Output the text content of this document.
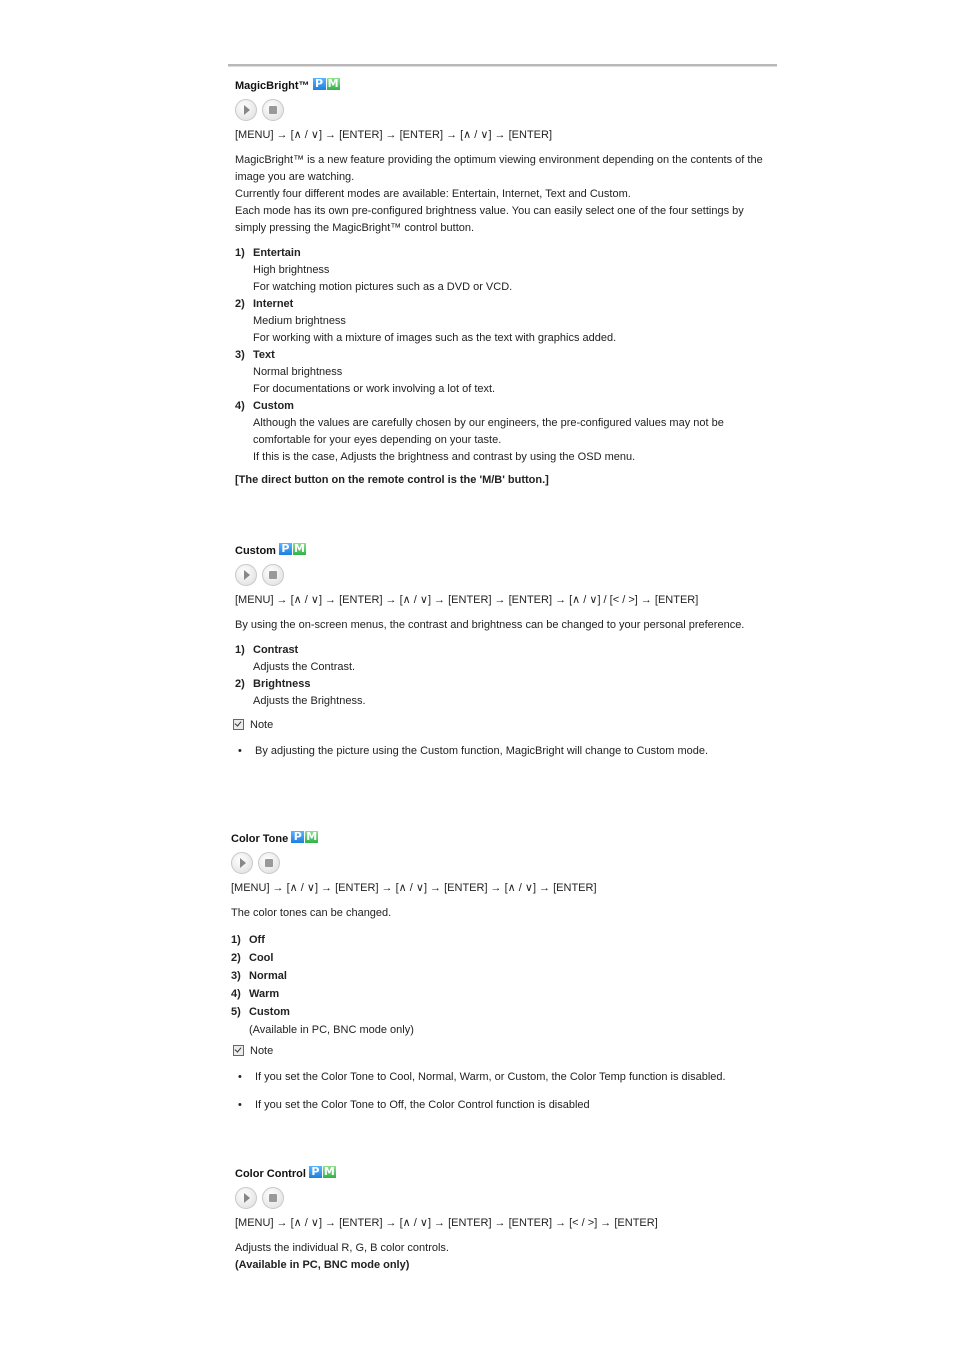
MagicBright™ P M
[MENU] → [∧ / ∨] → [ENTER] → [ENTER] → [∧ / ∨] → [ENTER]
MagicBright™ is a new feature providing the optimum viewing environment depending on the contents of the image you are watching.
Currently four different modes are available: Entertain, Internet, Text and Custom.
Each mode has its own pre-configured brightness value. You can easily select one of the four settings by simply pressing the MagicBright™ control button.
1) Entertain
High brightness
For watching motion pictures such as a DVD or VCD.
2) Internet
Medium brightness
For working with a mixture of images such as the text with graphics added.
3) Text
Normal brightness
For documentations or work involving a lot of text.
4) Custom
Although the values are carefully chosen by our engineers, the pre-configured values may not be comfortable for your eyes depending on your taste.
If this is the case, Adjusts the brightness and contrast by using the OSD menu.
[The direct button on the remote control is the 'M/B' button.]
Custom P M
[MENU] → [∧ / ∨] → [ENTER] → [∧ / ∨] → [ENTER] → [ENTER] → [∧ / ∨] / [< / >] → [ENTER]
By using the on-screen menus, the contrast and brightness can be changed to your personal preference.
1) Contrast
Adjusts the Contrast.
2) Brightness
Adjusts the Brightness.
Note
•	By adjusting the picture using the Custom function, MagicBright will change to Custom mode.
Color Tone P M
[MENU] → [∧ / ∨] → [ENTER] → [∧ / ∨] → [ENTER] → [∧ / ∨] → [ENTER]
The color tones can be changed.
1) Off
2) Cool
3) Normal
4) Warm
5) Custom
(Available in PC, BNC mode only)
Note
•	If you set the Color Tone to Cool, Normal, Warm, or Custom, the Color Temp function is disabled.
•	If you set the Color Tone to Off, the Color Control function is disabled
Color Control P M
[MENU] → [∧ / ∨] → [ENTER] → [∧ / ∨] → [ENTER] → [ENTER] → [< / >] → [ENTER]
Adjusts the individual R, G, B color controls.
(Available in PC, BNC mode only)
